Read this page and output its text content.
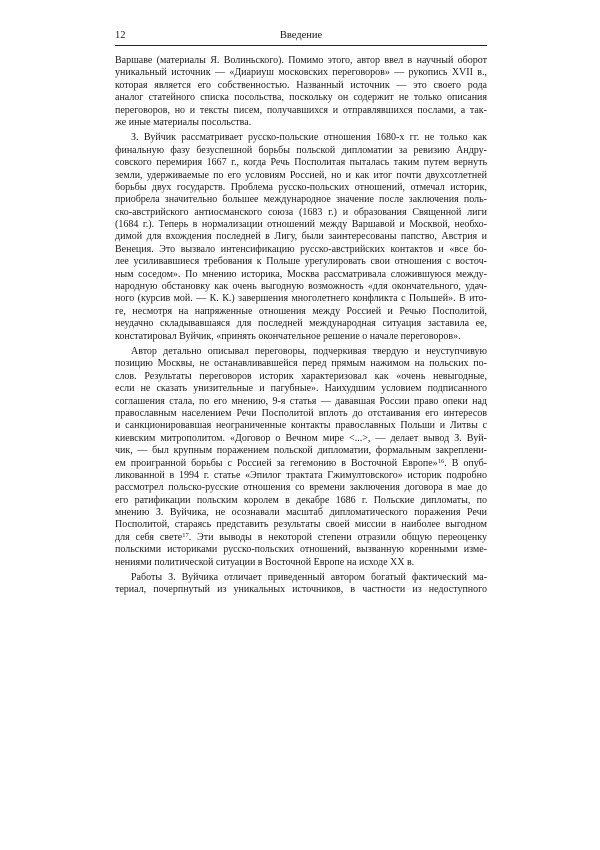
12	Введение
Варшаве (материалы Я. Волиньского). Помимо этого, автор ввел в научный оборот
уникальный источник — «Диариуш московских переговоров» — рукопись XVII в.,
которая является его собственностью. Названный источник — это своего рода
аналог статейного списка посольства, поскольку он содержит не только описания
переговоров, но и тексты писем, получавшихся и отправлявшихся послами, а так-
же иные материалы посольства.
З. Вуйчик рассматривает русско-польские отношения 1680-х гг. не только как
финальную фазу безуспешной борьбы польской дипломатии за ревизию Андру-
совского перемирия 1667 г., когда Речь Посполитая пыталась таким путем вернуть
земли, удерживаемые по его условиям Россией, но и как итог почти двухсотлетней
борьбы двух государств. Проблема русско-польских отношений, отмечал историк,
приобрела значительно большее международное значение после заключения поль-
ско-австрийского антиосманского союза (1683 г.) и образования Священной лиги
(1684 г.). Теперь в нормализации отношений между Варшавой и Москвой, необхо-
димой для вхождения последней в Лигу, были заинтересованы папство, Австрия и
Венеция. Это вызвало интенсификацию русско-австрийских контактов и «все бо-
лее усиливавшиеся требования к Польше урегулировать свои отношения с восточ-
ным соседом». По мнению историка, Москва рассматривала сложившуюся между-
народную обстановку как очень выгодную возможность «для окончательного, удач-
ного (курсив мой. — К. К.) завершения многолетнего конфликта с Польшей». В ито-
ге, несмотря на напряженные отношения между Россией и Речью Посполитой,
неудачно складывавшаяся для последней международная ситуация заставила ее,
констатировал Вуйчик, «принять окончательное решение о начале переговоров».
Автор детально описывал переговоры, подчеркивая твердую и неуступчивую
позицию Москвы, не останавливавшейся перед прямым нажимом на польских по-
слов. Результаты переговоров историк характеризовал как «очень невыгодные,
если не сказать унизительные и пагубные». Наихудшим условием подписанного
соглашения стала, по его мнению, 9-я статья — дававшая России право опеки над
православным населением Речи Посполитой вплоть до отстаивания его интересов
и санкционировавшая неограниченные контакты православных Польши и Литвы с
киевским митрополитом. «Договор о Вечном мире <...>, — делает вывод З. Вуй-
чик, — был крупным поражением польской дипломатии, формальным закреплени-
ем проигранной борьбы с Россией за гегемонию в Восточной Европе»$^{16}$. В опуб-
ликованной в 1994 г. статье «Эпилог трактата Гжимултовского» историк подробно
рассмотрел польско-русские отношения со времени заключения договора в мае до
его ратификации польским королем в декабре 1686 г. Польские дипломаты, по
мнению З. Вуйчика, не осознавали масштаб дипломатического поражения Речи
Посполитой, стараясь представить результаты своей миссии в наиболее выгодном
для себя свете$^{17}$. Эти выводы в некоторой степени отразили общую переоценку
польскими историками русско-польских отношений, вызванную коренными изме-
нениями политической ситуации в Восточной Европе на исходе XX в.
Работы З. Вуйчика отличает приведенный автором богатый фактический ма-
териал, почерпнутый из уникальных источников, в частности из недоступного
